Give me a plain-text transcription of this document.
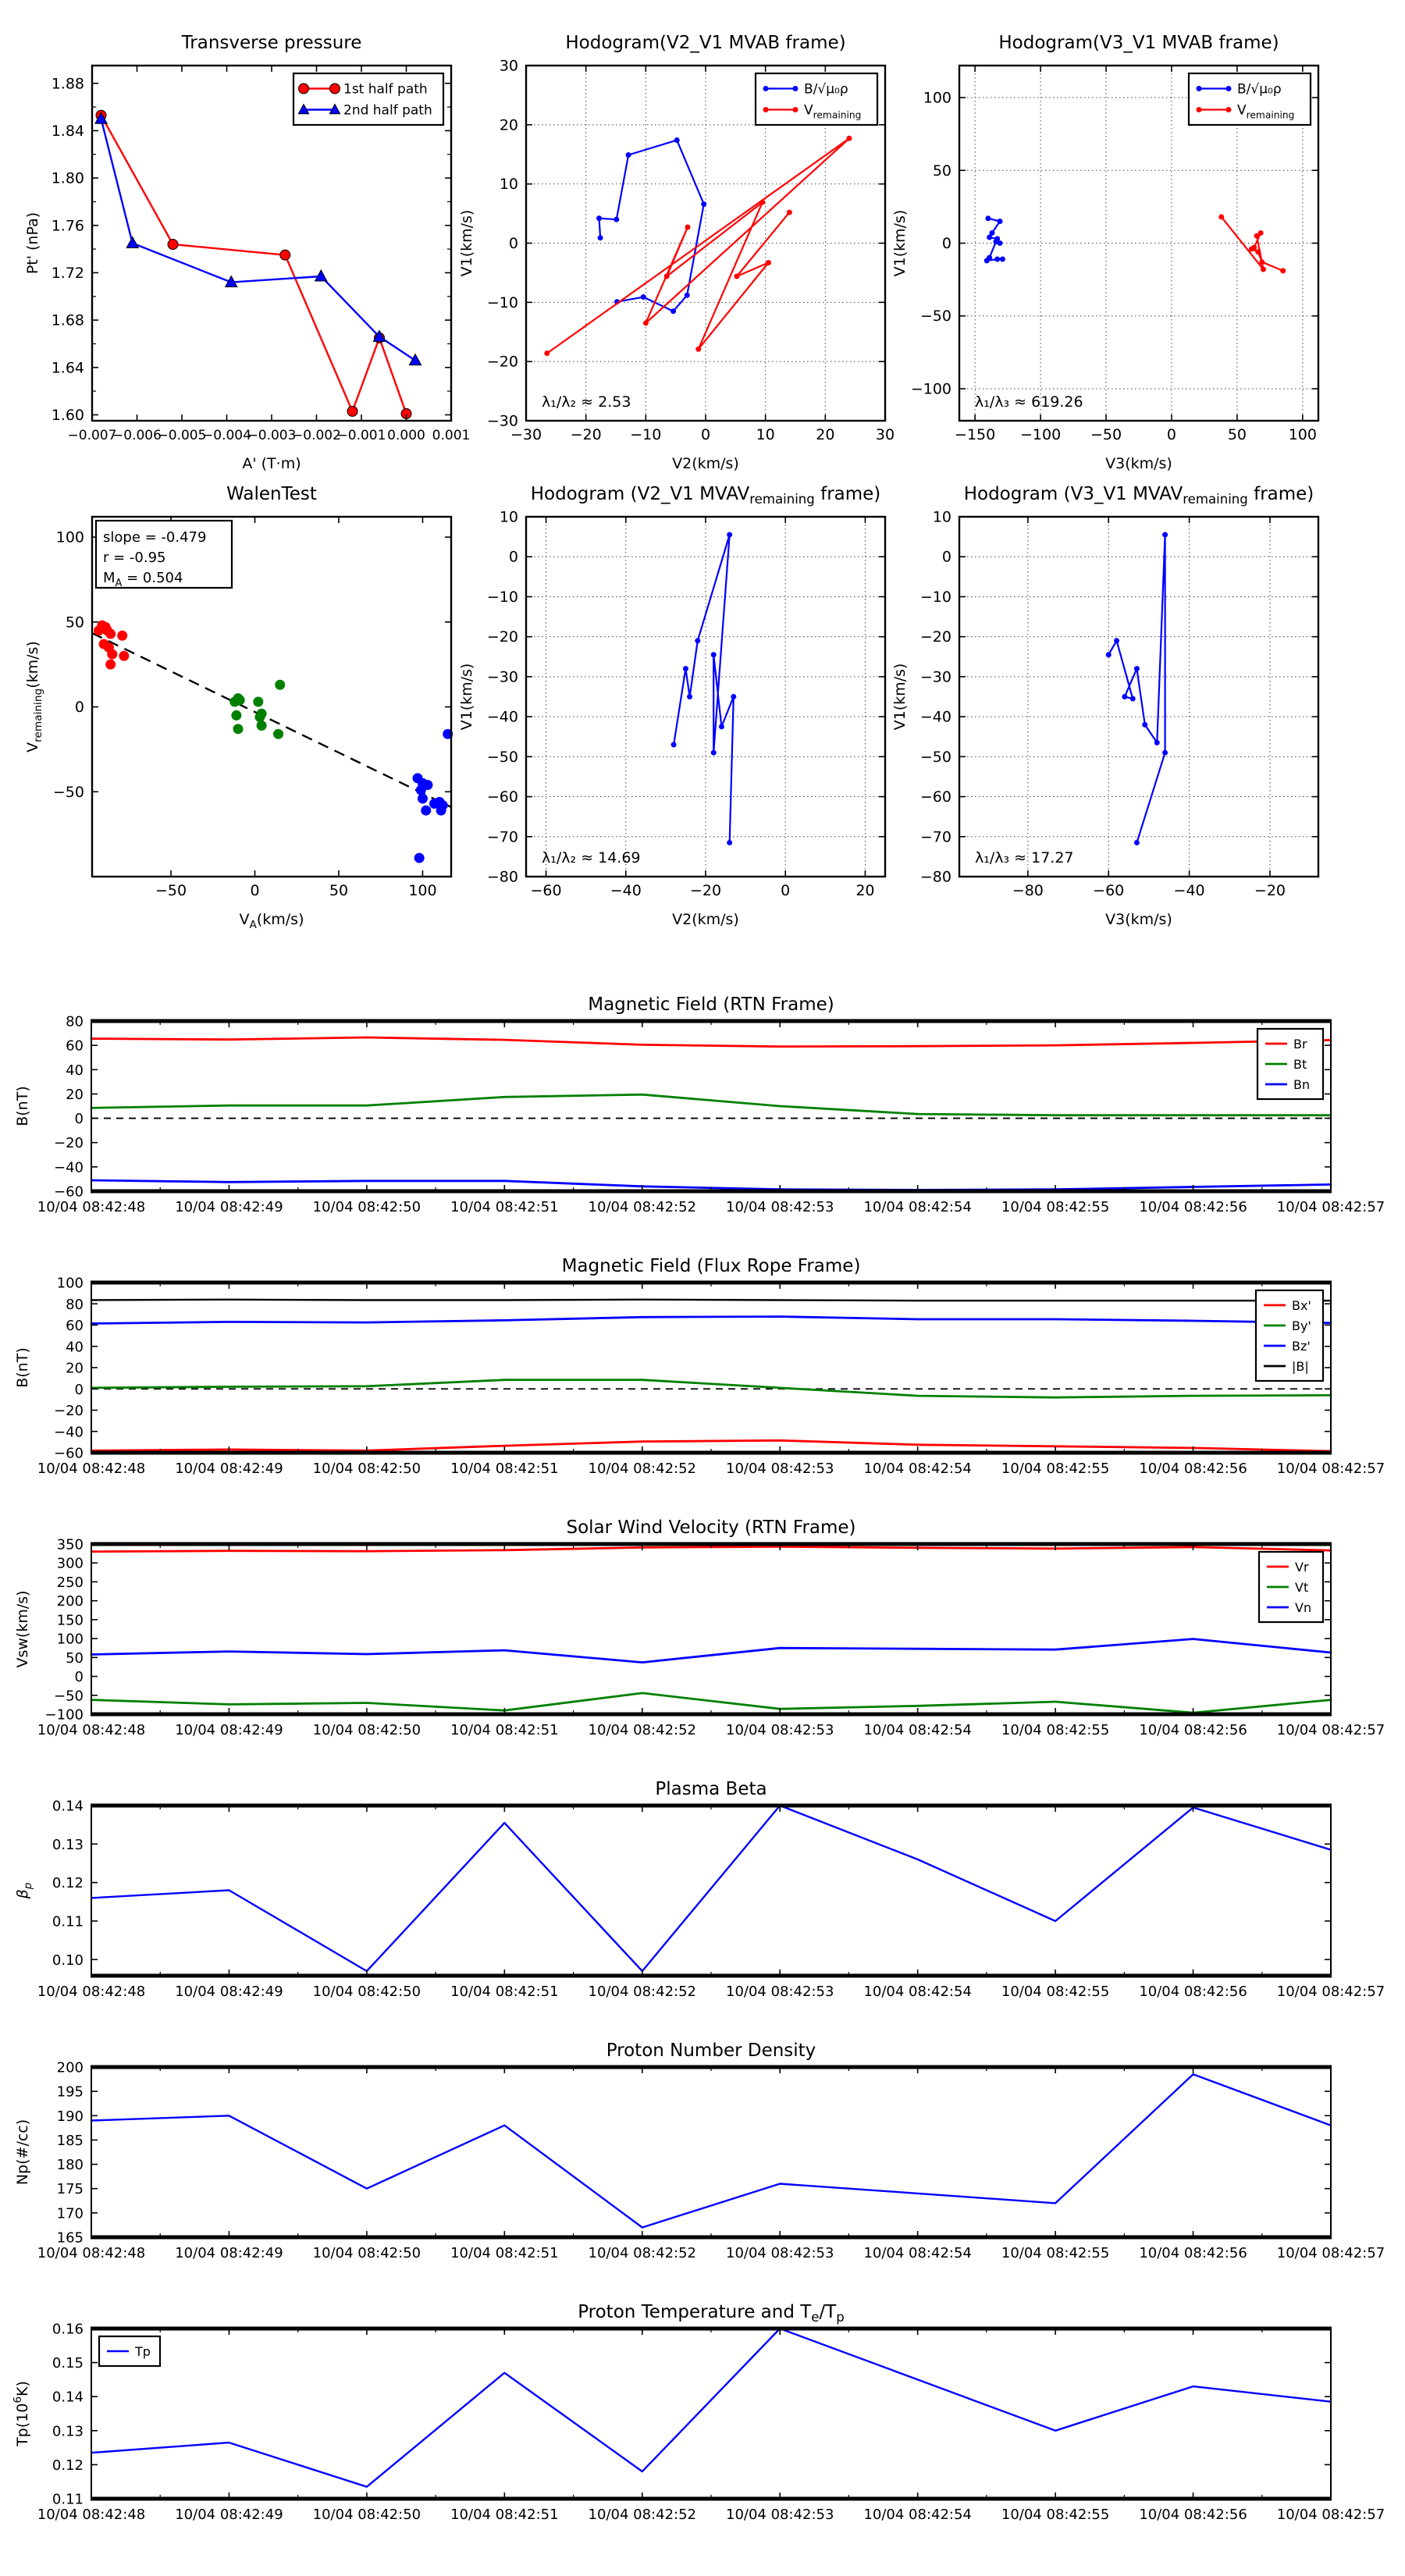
−0.007
−0.006
−0.005
−0.004
−0.003
−0.002
−0.001 0.000 0.001
1.60
1.64
1.68
1.72
1.76
1.80
1.84
1.88
Transverse pressure
A' (T·m)
Pt' (nPa)
1st half path
2nd half path
−30 −20 −10	0	10	20	30
−30
−20
−10
0
10
20
30
Hodogram(V2_V1 MVAB frame)
V2(km/s)
V1(km/s)
B/√μ₀ρ
$V_{remaining}$
λ₁/λ₂ ≈ 2.53
−150 −100 −50	0	50	100
−100
−50
0
50
100
Hodogram(V3_V1 MVAB frame)
V3(km/s)
V1(km/s)
B/√μ₀ρ
$V_{remaining}$
λ₁/λ₃ ≈ 619.26
−50	0	50	100
−50
0
50
100
WalenTest
$V_A(km/s)$
$V_{remaining}(km/s)$
slope = -0.479
r = -0.95
$M_A = 0.504$
−60	−40	−20	0	20
−80
−70
−60
−50
−40
−30
−20
−10
0
10
Hodogram (V2_V1 $MVAV_{remaining}$ frame)
V2(km/s)
V1(km/s)
λ₁/λ₂ ≈ 14.69
−80	−60	−40	−20
−80
−70
−60
−50
−40
−30
−20
−10
0
10
Hodogram (V3_V1 $MVAV_{remaining}$ frame)
V3(km/s)
V1(km/s)
λ₁/λ₃ ≈ 17.27
10/04 08:42:48 10/04 08:42:49 10/04 08:42:50 10/04 08:42:51 10/04 08:42:52 10/04 08:42:53 10/04 08:42:54 10/04 08:42:55 10/04 08:42:56 10/04 08:42:57
−60
−40
−20
0
20
40
60
80
Magnetic Field (RTN Frame)
B(nT)
Br
Bt
Bn
10/04 08:42:48 10/04 08:42:49 10/04 08:42:50 10/04 08:42:51 10/04 08:42:52 10/04 08:42:53 10/04 08:42:54 10/04 08:42:55 10/04 08:42:56 10/04 08:42:57
−60
−40
−20
0
20
40
60
80
100
Magnetic Field (Flux Rope Frame)
B(nT)
Bx'
By'
Bz'
|B|
10/04 08:42:48 10/04 08:42:49 10/04 08:42:50 10/04 08:42:51 10/04 08:42:52 10/04 08:42:53 10/04 08:42:54 10/04 08:42:55 10/04 08:42:56 10/04 08:42:57
−100
−50
0
50
100
150
200
250
300
350
Solar Wind Velocity (RTN Frame)
Vsw(km/s)
Vr
Vt
Vn
10/04 08:42:48 10/04 08:42:49 10/04 08:42:50 10/04 08:42:51 10/04 08:42:52 10/04 08:42:53 10/04 08:42:54 10/04 08:42:55 10/04 08:42:56 10/04 08:42:57
0.10
0.11
0.12
0.13
0.14
Plasma Beta
$\beta_p$
10/04 08:42:48 10/04 08:42:49 10/04 08:42:50 10/04 08:42:51 10/04 08:42:52 10/04 08:42:53 10/04 08:42:54 10/04 08:42:55 10/04 08:42:56 10/04 08:42:57
165
170
175
180
185
190
195
200
Proton Number Density
Np(#/cc)
10/04 08:42:48 10/04 08:42:49 10/04 08:42:50 10/04 08:42:51 10/04 08:42:52 10/04 08:42:53 10/04 08:42:54 10/04 08:42:55 10/04 08:42:56 10/04 08:42:57
0.11
0.12
0.13
0.14
0.15
0.16
Proton Temperature and $T_e/T_p$
$Tp(10^6K)$
Tp
